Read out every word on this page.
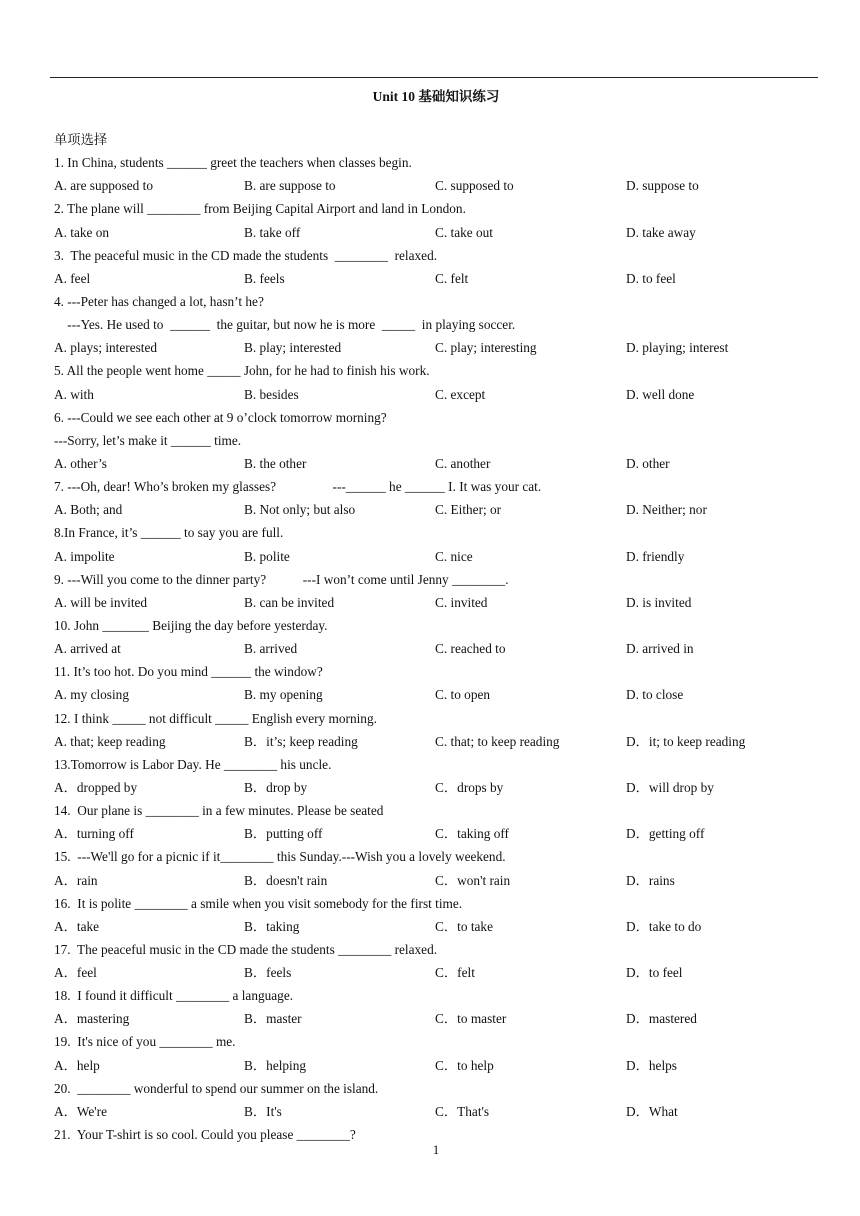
Unit 10 基础知识练习
单项选择
1. In China, students ______ greet the teachers when classes begin.
A. are supposed to	B. are suppose to	C. supposed to	D. suppose to
2. The plane will ________ from Beijing Capital Airport and land in London.
A. take on	B. take off	C. take out	D. take away
3.  The peaceful music in the CD made the students  ________  relaxed.
A. feel	B. feels	C. felt	D. to feel
4. ---Peter has changed a lot, hasn’t he?
---Yes. He used to  ______  the guitar, but now he is more  _____  in playing soccer.
A. plays; interested	B. play; interested	C. play; interesting	D. playing; interest
5. All the people went home _____ John, for he had to finish his work.
A. with	B. besides	C. except	D. well done
6. ---Could we see each other at 9 o’clock tomorrow morning?
---Sorry, let’s make it ______ time.
A. other’s	B. the other	C. another	D. other
7. ---Oh, dear! Who’s broken my glasses?                 ---______ he ______ I. It was your cat.
A. Both; and	B. Not only; but also	C. Either; or	D. Neither; nor
8.In France, it’s ______ to say you are full.
A. impolite	B. polite	C. nice	D. friendly
9. ---Will you come to the dinner party?           ---I won’t come until Jenny ________.
A. will be invited	B. can be invited	C. invited	D. is invited
10. John _______ Beijing the day before yesterday.
A. arrived at	B. arrived	C. reached to	D. arrived in
11. It’s too hot. Do you mind ______ the window?
A. my closing	B. my opening	C. to open	D. to close
12. I think _____ not difficult _____ English every morning.
A. that; keep reading	B．it’s; keep reading	C. that; to keep reading	D．it; to keep reading
13.Tomorrow is Labor Day. He ________ his uncle.
A．dropped by	B．drop by	C．drops by	D．will drop by
14.  Our plane is ________ in a few minutes. Please be seated
A．turning off	B．putting off	C．taking off	D．getting off
15.  ---We'll go for a picnic if it________ this Sunday.---Wish you a lovely weekend.
A．rain	B．doesn't rain	C．won't rain	D．rains
16.  It is polite ________ a smile when you visit somebody for the first time.
A．take	B．taking	C．to take	D．take to do
17.  The peaceful music in the CD made the students ________ relaxed.
A．feel	B．feels	C．felt	D．to feel
18.  I found it difficult ________ a language.
A．mastering	B．master	C．to master	D．mastered
19.  It's nice of you ________ me.
A．help	B．helping	C．to help	D．helps
20.  ________ wonderful to spend our summer on the island.
A．We're	B．It's	C．That's	D．What
21.  Your T-shirt is so cool. Could you please ________?
1
